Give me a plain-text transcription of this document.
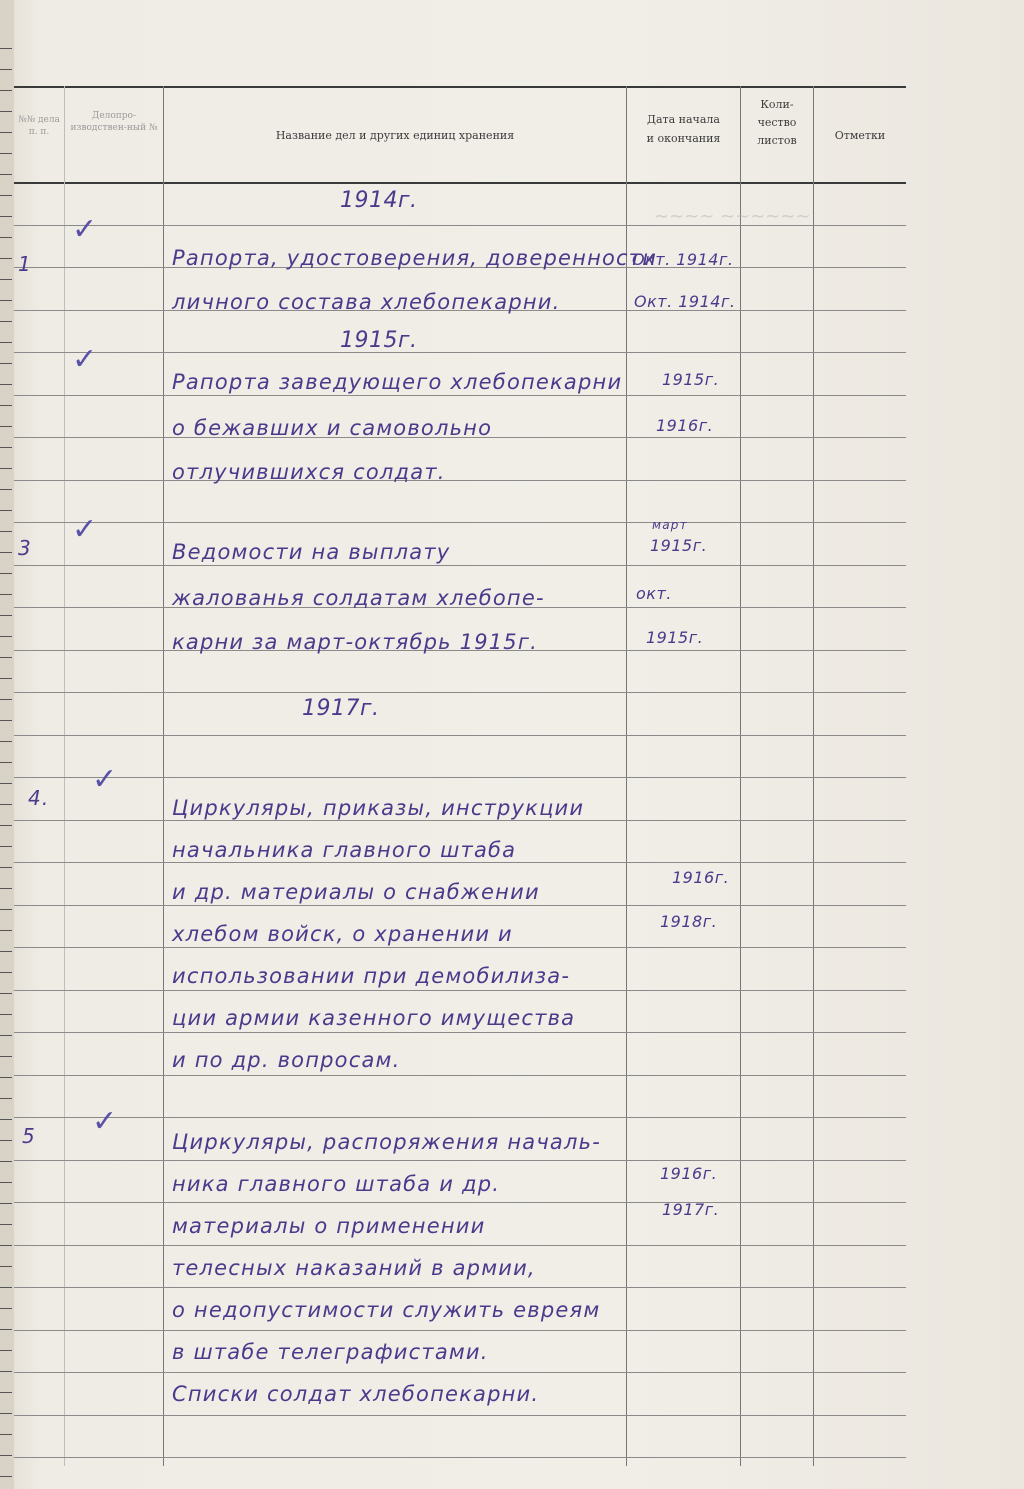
№№ дела п. п.
Делопро-изводствен-ный №
Название дел и других единиц хранения
Дата начала
и окончания
Коли-
чество
листов	Отметки
~~~~ ~~~~~~
1914г.
1
✓
Рапорта, удостоверения, доверенности
личного состава хлебопекарни.
Окт. 1914г.
Окт. 1914г.
1915г.
✓
Рапорта заведующего хлебопекарни
о бежавших и самовольно
отлучившихся солдат.
1915г.
1916г.
3
✓
Ведомости на выплату
жалованья солдатам хлебопе-
карни за март-октябрь 1915г.
март
1915г.
окт.
1915г.
1917г.
4.
✓
Циркуляры, приказы, инструкции
начальника главного штаба
и др. материалы о снабжении
хлебом войск, о хранении и
использовании при демобилиза-
ции армии казенного имущества
и по др. вопросам.
1916г.
1918г.
5 ✓
Циркуляры, распоряжения началь-
ника главного штаба и др.
материалы о применении
телесных наказаний в армии,
о недопустимости служить евреям
в штабе телеграфистами.
Списки солдат хлебопекарни.
1916г.
1917г.
